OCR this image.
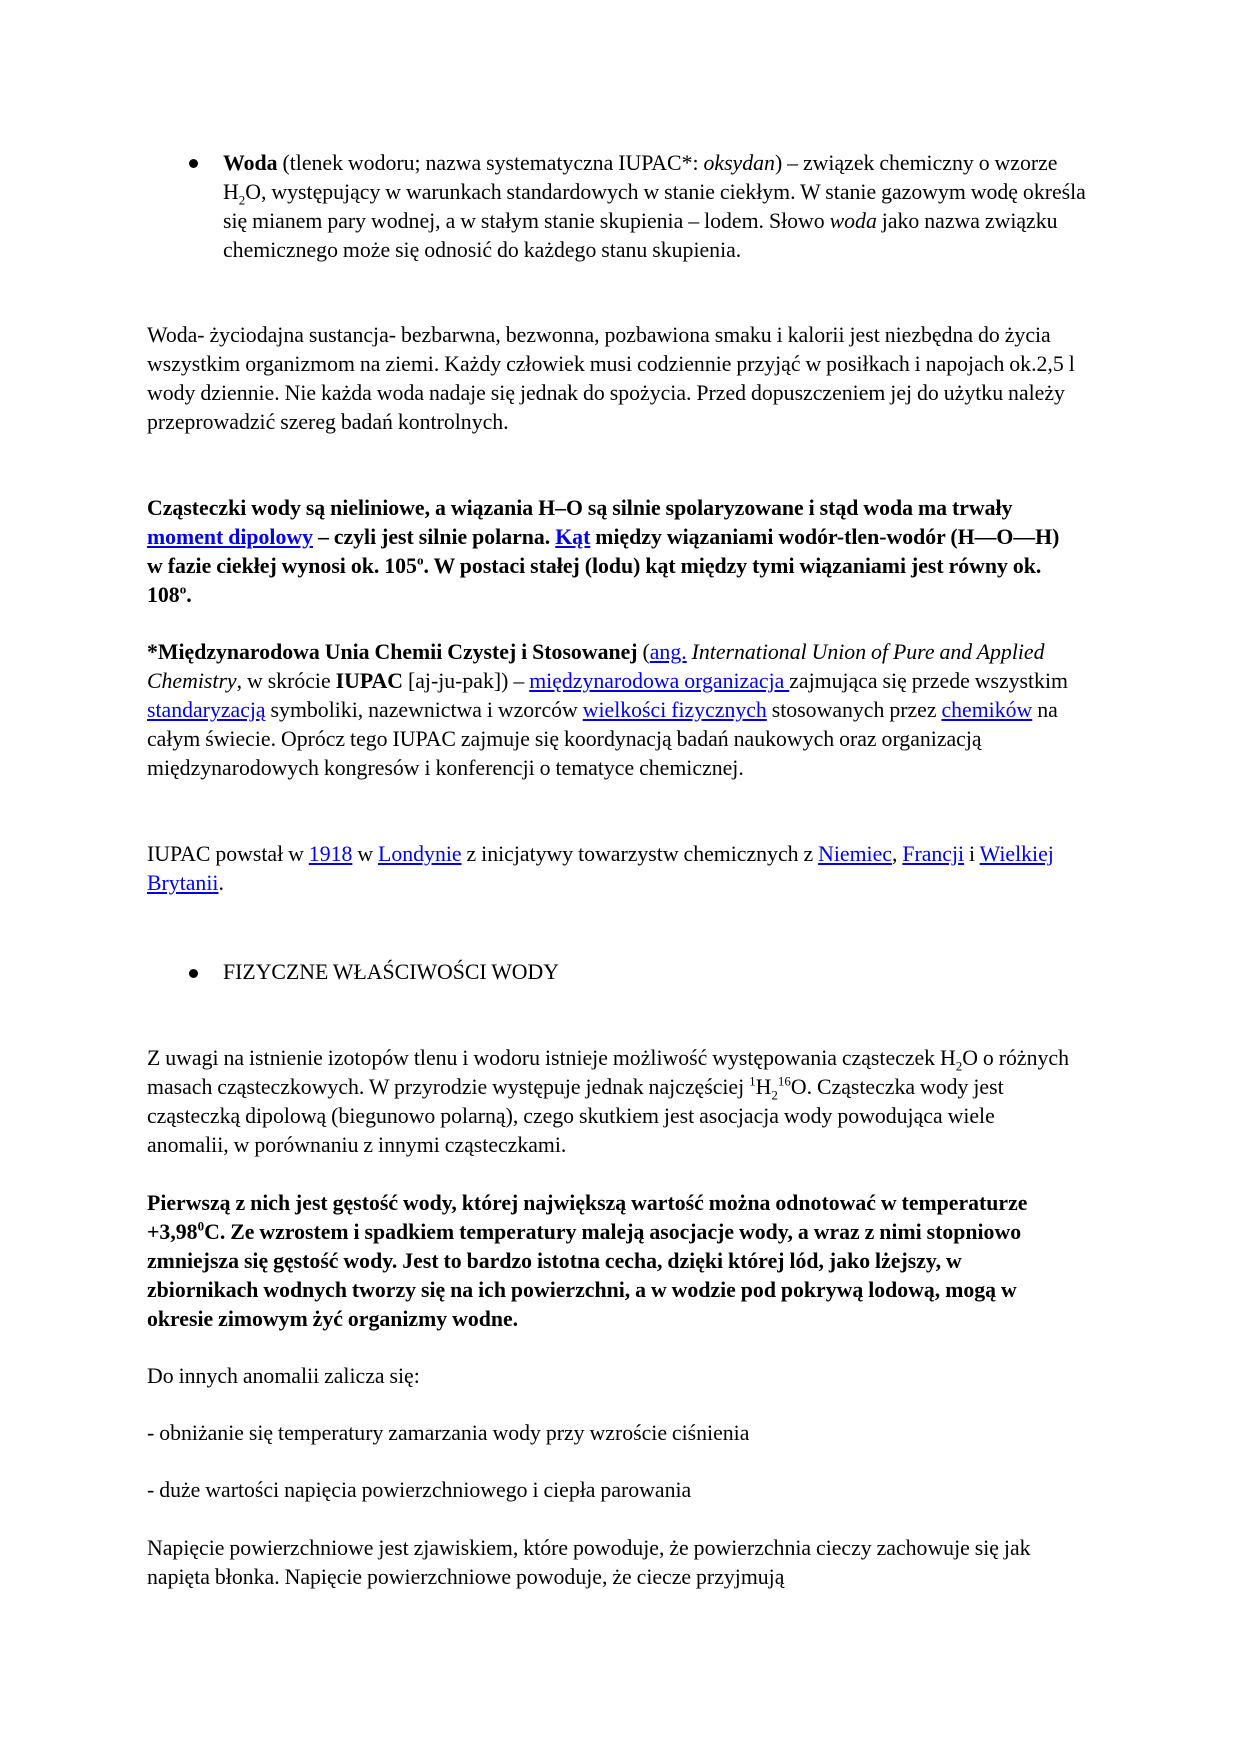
Woda (tlenek wodoru; nazwa systematyczna IUPAC*: oksydan) – związek chemiczny o wzorze $H_2O$, występujący w warunkach standardowych w stanie ciekłym. W stanie gazowym wodę określa się mianem pary wodnej, a w stałym stanie skupienia – lodem. Słowo woda jako nazwa związku chemicznego może się odnosić do każdego stanu skupienia.

Woda- życiodajna sustancja- bezbarwna, bezwonna, pozbawiona smaku i kalorii jest niezbędna do życia wszystkim organizmom na ziemi. Każdy człowiek musi codziennie przyjąć w posiłkach i napojach ok.2,5 l wody dziennie. Nie każda woda nadaje się jednak do spożycia. Przed dopuszczeniem jej do użytku należy przeprowadzić szereg badań kontrolnych.

Cząsteczki wody są nieliniowe, a wiązania H–O są silnie spolaryzowane i stąd woda ma trwały moment dipolowy – czyli jest silnie polarna. Kąt między wiązaniami wodór-tlen-wodór (H—O—H) w fazie ciekłej wynosi ok. 105$^o$. W postaci stałej (lodu) kąt między tymi wiązaniami jest równy ok. 108$^o$.

*Międzynarodowa Unia Chemii Czystej i Stosowanej (ang. International Union of Pure and Applied Chemistry, w skrócie IUPAC [aj-ju-pak]) – międzynarodowa organizacja zajmująca się przede wszystkim standaryzacją symboliki, nazewnictwa i wzorców wielkości fizycznych stosowanych przez chemików na całym świecie. Oprócz tego IUPAC zajmuje się koordynacją badań naukowych oraz organizacją międzynarodowych kongresów i konferencji o tematyce chemicznej.

IUPAC powstał w 1918 w Londynie z inicjatywy towarzystw chemicznych z Niemiec, Francji i Wielkiej Brytanii.

FIZYCZNE WŁAŚCIWOŚCI WODY

Z uwagi na istnienie izotopów tlenu i wodoru istnieje możliwość występowania cząsteczek $H_2O$ o różnych masach cząsteczkowych. W przyrodzie występuje jednak najczęściej $^1H_2^{16}O$. Cząsteczka wody jest cząsteczką dipolową (biegunowo polarną), czego skutkiem jest asocjacja wody powodująca wiele anomalii, w porównaniu z innymi cząsteczkami.

Pierwszą z nich jest gęstość wody, której największą wartość można odnotować w temperaturze $+3,98^0C$. Ze wzrostem i spadkiem temperatury maleją asocjacje wody, a wraz z nimi stopniowo zmniejsza się gęstość wody. Jest to bardzo istotna cecha, dzięki której lód, jako lżejszy, w zbiornikach wodnych tworzy się na ich powierzchni, a w wodzie pod pokrywą lodową, mogą w okresie zimowym żyć organizmy wodne.

Do innych anomalii zalicza się:

- obniżanie się temperatury zamarzania wody przy wzroście ciśnienia

- duże wartości napięcia powierzchniowego i ciepła parowania

Napięcie powierzchniowe jest zjawiskiem, które powoduje, że powierzchnia cieczy zachowuje się jak napięta błonka. Napięcie powierzchniowe powoduje, że ciecze przyjmują
